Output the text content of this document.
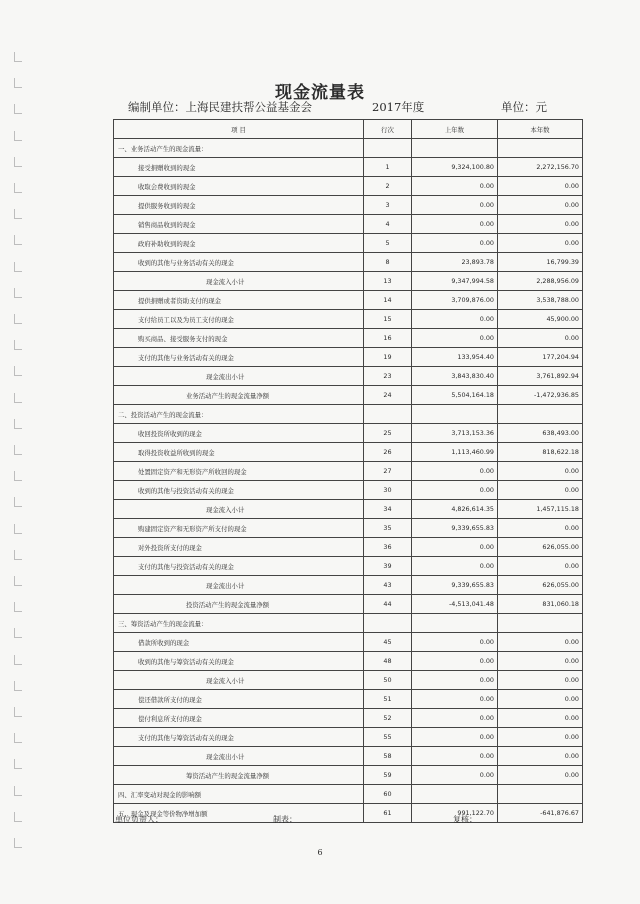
现金流量表
编制单位：上海民建扶帮公益基金会	2017年度	单位：元
项 目	行次	上年数	本年数
一、业务活动产生的现金流量：			
接受捐赠收到的现金	1	9,324,100.80	2,272,156.70
收取会费收到的现金	2	0.00	0.00
提供服务收到的现金	3	0.00	0.00
销售商品收到的现金	4	0.00	0.00
政府补助收到的现金	5	0.00	0.00
收到的其他与业务活动有关的现金	8	23,893.78	16,799.39
现金流入小计	13	9,347,994.58	2,288,956.09
提供捐赠或者资助支付的现金	14	3,709,876.00	3,538,788.00
支付给员工以及为员工支付的现金	15	0.00	45,900.00
购买商品、接受服务支付的现金	16	0.00	0.00
支付的其他与业务活动有关的现金	19	133,954.40	177,204.94
现金流出小计	23	3,843,830.40	3,761,892.94
业务活动产生的现金流量净额	24	5,504,164.18	-1,472,936.85
二、投资活动产生的现金流量：			
收回投资所收到的现金	25	3,713,153.36	638,493.00
取得投资收益所收到的现金	26	1,113,460.99	818,622.18
处置固定资产和无形资产所收回的现金	27	0.00	0.00
收到的其他与投资活动有关的现金	30	0.00	0.00
现金流入小计	34	4,826,614.35	1,457,115.18
购建固定资产和无形资产所支付的现金	35	9,339,655.83	0.00
对外投资所支付的现金	36	0.00	626,055.00
支付的其他与投资活动有关的现金	39	0.00	0.00
现金流出小计	43	9,339,655.83	626,055.00
投资活动产生的现金流量净额	44	-4,513,041.48	831,060.18
三、筹资活动产生的现金流量：			
借款所收到的现金	45	0.00	0.00
收到的其他与筹资活动有关的现金	48	0.00	0.00
现金流入小计	50	0.00	0.00
偿还借款所支付的现金	51	0.00	0.00
偿付利息所支付的现金	52	0.00	0.00
支付的其他与筹资活动有关的现金	55	0.00	0.00
现金流出小计	58	0.00	0.00
筹资活动产生的现金流量净额	59	0.00	0.00
四、汇率变动对现金的影响额	60		
五、现金及现金等价物净增加额	61	991,122.70	-641,876.67
单位负责人：	制表：	复核：
6
